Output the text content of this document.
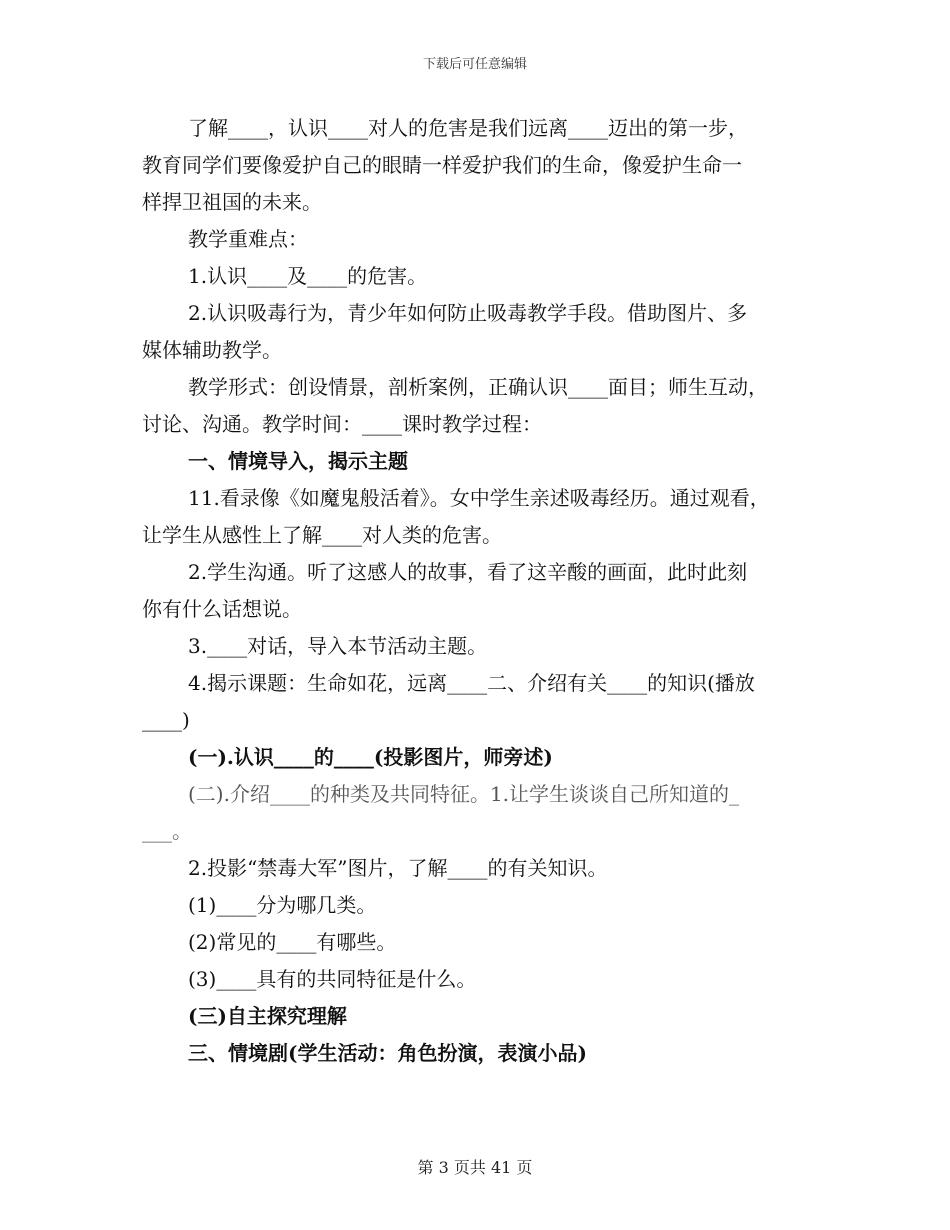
下载后可任意编辑
了解____，认识____对人的危害是我们远离____迈出的第一步，
教育同学们要像爱护自己的眼睛一样爱护我们的生命，像爱护生命一
样捍卫祖国的未来。
教学重难点：
1.认识____及____的危害。
2.认识吸毒行为，青少年如何防止吸毒教学手段。借助图片、多
媒体辅助教学。
教学形式：创设情景，剖析案例，正确认识____面目；师生互动，
讨论、沟通。教学时间：____课时教学过程：
一、情境导入，揭示主题
11.看录像《如魔鬼般活着》。女中学生亲述吸毒经历。通过观看，
让学生从感性上了解____对人类的危害。
2.学生沟通。听了这感人的故事，看了这辛酸的画面，此时此刻
你有什么话想说。
3.____对话，导入本节活动主题。
4.揭示课题：生命如花，远离____二、介绍有关____的知识(播放
____)
(一).认识____的____(投影图片，师旁述)
(二).介绍____的种类及共同特征。1.让学生谈谈自己所知道的_
___。
2.投影“禁毒大军”图片，了解____的有关知识。
(1)____分为哪几类。
(2)常见的____有哪些。
(3)____具有的共同特征是什么。
(三)自主探究理解
三、情境剧(学生活动：角色扮演，表演小品)
第 3 页共 41 页
